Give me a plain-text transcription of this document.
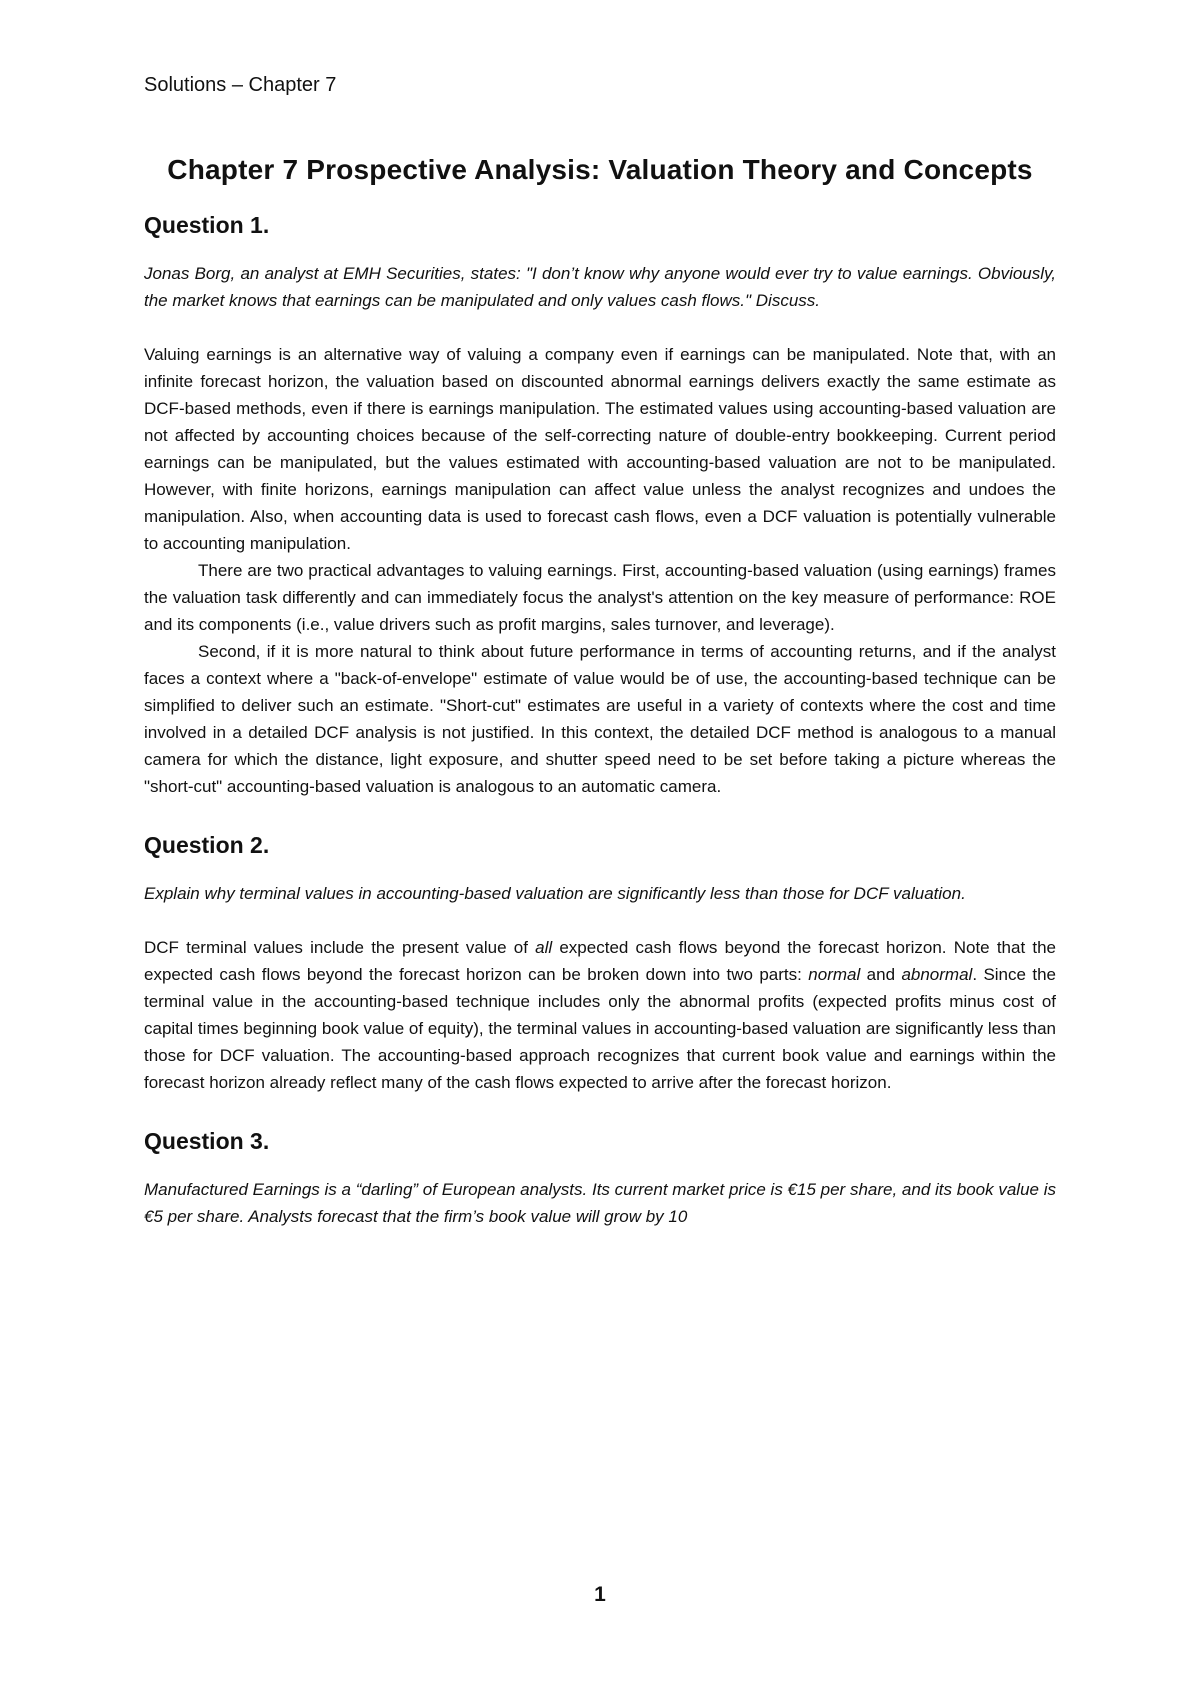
Solutions – Chapter 7
Chapter 7 Prospective Analysis: Valuation Theory and Concepts
Question 1.

Jonas Borg, an analyst at EMH Securities, states: "I don’t know why anyone would ever try to value earnings. Obviously, the market knows that earnings can be manipulated and only values cash flows." Discuss.

Valuing earnings is an alternative way of valuing a company even if earnings can be manipulated. Note that, with an infinite forecast horizon, the valuation based on discounted abnormal earnings delivers exactly the same estimate as DCF-based methods, even if there is earnings manipulation. The estimated values using accounting-based valuation are not affected by accounting choices because of the self-correcting nature of double-entry bookkeeping. Current period earnings can be manipulated, but the values estimated with accounting-based valuation are not to be manipulated. However, with finite horizons, earnings manipulation can affect value unless the analyst recognizes and undoes the manipulation. Also, when accounting data is used to forecast cash flows, even a DCF valuation is potentially vulnerable to accounting manipulation.

There are two practical advantages to valuing earnings. First, accounting-based valuation (using earnings) frames the valuation task differently and can immediately focus the analyst's attention on the key measure of performance: ROE and its components (i.e., value drivers such as profit margins, sales turnover, and leverage).

Second, if it is more natural to think about future performance in terms of accounting returns, and if the analyst faces a context where a "back-of-envelope" estimate of value would be of use, the accounting-based technique can be simplified to deliver such an estimate. "Short-cut" estimates are useful in a variety of contexts where the cost and time involved in a detailed DCF analysis is not justified. In this context, the detailed DCF method is analogous to a manual camera for which the distance, light exposure, and shutter speed need to be set before taking a picture whereas the "short-cut" accounting-based valuation is analogous to an automatic camera.

Question 2.

Explain why terminal values in accounting-based valuation are significantly less than those for DCF valuation.

DCF terminal values include the present value of all expected cash flows beyond the forecast horizon. Note that the expected cash flows beyond the forecast horizon can be broken down into two parts: normal and abnormal. Since the terminal value in the accounting-based technique includes only the abnormal profits (expected profits minus cost of capital times beginning book value of equity), the terminal values in accounting-based valuation are significantly less than those for DCF valuation. The accounting-based approach recognizes that current book value and earnings within the forecast horizon already reflect many of the cash flows expected to arrive after the forecast horizon.

Question 3.

Manufactured Earnings is a “darling” of European analysts. Its current market price is €15 per share, and its book value is €5 per share. Analysts forecast that the firm’s book value will grow by 10

1
